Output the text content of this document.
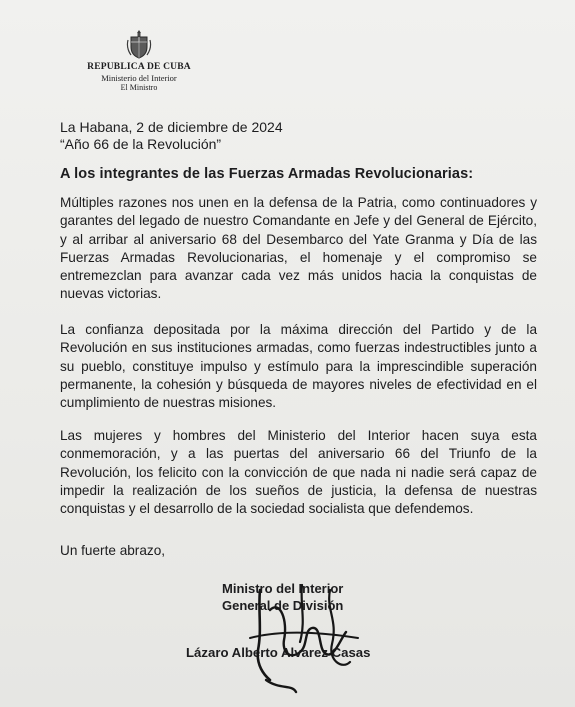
REPUBLICA DE CUBA
Ministerio del Interior
El Ministro
La Habana, 2 de diciembre de 2024
“Año 66 de la Revolución”
A los integrantes de las Fuerzas Armadas Revolucionarias:
Múltiples razones nos unen en la defensa de la Patria, como continuadores y garantes del legado de nuestro Comandante en Jefe y del General de Ejército, y al arribar al aniversario 68 del Desembarco del Yate Granma y Día de las Fuerzas Armadas Revolucionarias, el homenaje y el compromiso se entremezclan para avanzar cada vez más unidos hacia la conquistas de nuevas victorias.
La confianza depositada por la máxima dirección del Partido y de la Revolución en sus instituciones armadas, como fuerzas indestructibles junto a su pueblo, constituye impulso y estímulo para la imprescindible superación permanente, la cohesión y búsqueda de mayores niveles de efectividad en el cumplimiento de nuestras misiones.
Las mujeres y hombres del Ministerio del Interior hacen suya esta conmemoración, y a las puertas del aniversario 66 del Triunfo de la Revolución, los felicito con la convicción de que nada ni nadie será capaz de impedir la realización de los sueños de justicia, la defensa de nuestras conquistas y el desarrollo de la sociedad socialista que defendemos.
Un fuerte abrazo,
Ministro del Interior
General de División
Lázaro Alberto Alvarez Casas
